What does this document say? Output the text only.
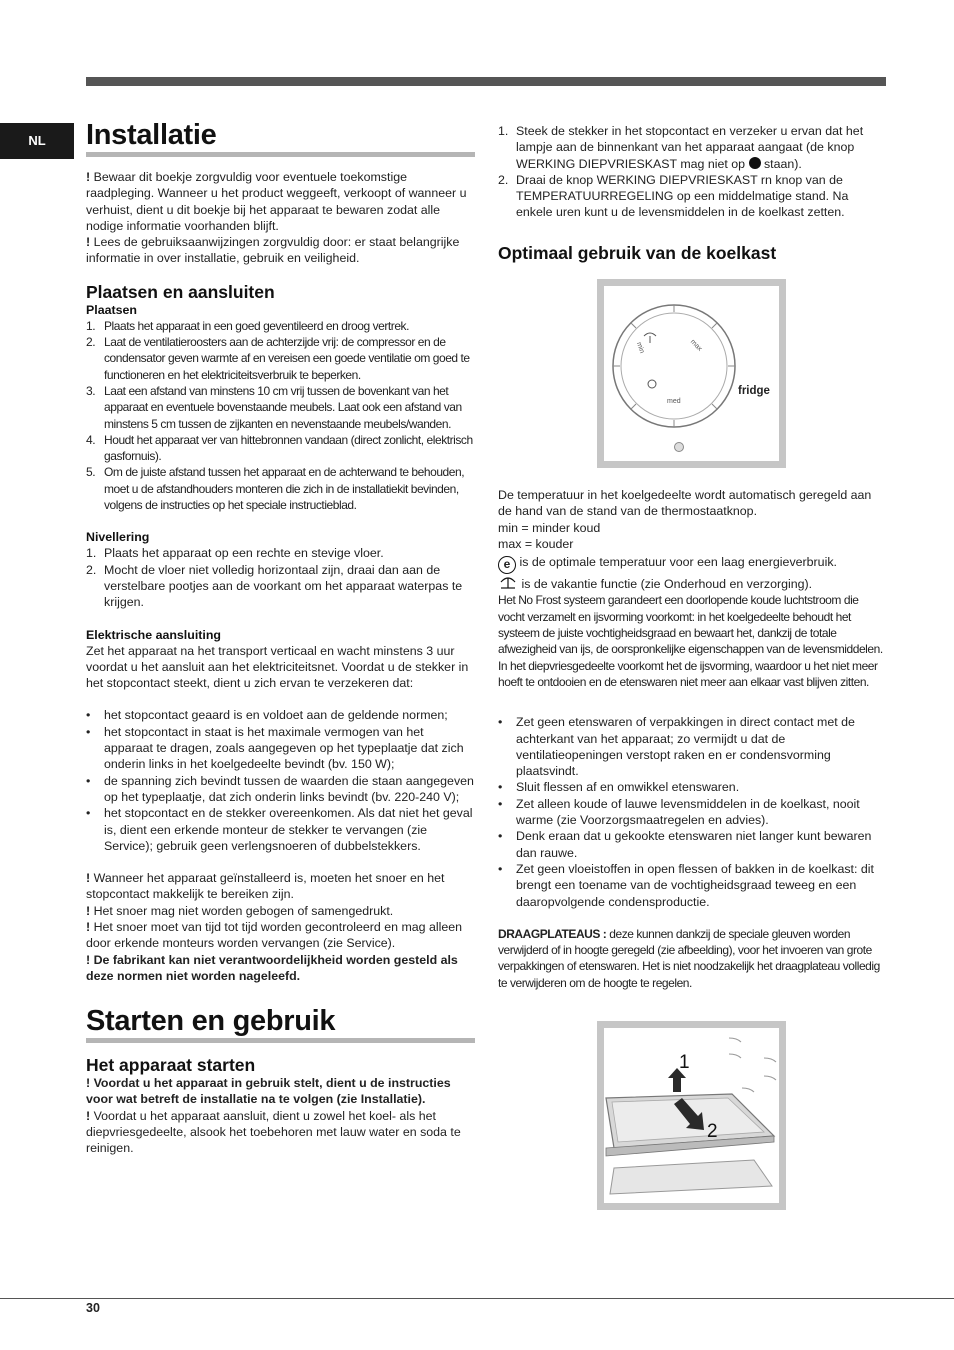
NL Installatie

! Bewaar dit boekje zorgvuldig voor eventuele toekomstige raadpleging. Wanneer u het product weggeeft, verkoopt of wanneer u verhuist, dient u dit boekje bij het apparaat te bewaren zodat alle nodige informatie voorhanden blijft.

! Lees de gebruiksaanwijzingen zorgvuldig door: er staat belangrijke informatie in over installatie, gebruik en veiligheid.

Plaatsen en aansluiten
Plaatsen
1. Plaats het apparaat in een goed geventileerd en droog vertrek.
2. Laat de ventilatieroosters aan de achterzijde vrij: de compressor en de condensator geven warmte af en vereisen een goede ventilatie om goed te functioneren en het elektriciteitsverbruik te beperken.
3. Laat een afstand van minstens 10 cm vrij tussen de bovenkant van het apparaat en eventuele bovenstaande meubels. Laat ook een afstand van minstens 5 cm tussen de zijkanten en nevenstaande meubels/wanden.
4. Houdt het apparaat ver van hittebronnen vandaan (direct zonlicht, elektrisch gasfornuis).
5. Om de juiste afstand tussen het apparaat en de achterwand te behouden, moet u de afstandhouders monteren die zich in de installatiekit bevinden, volgens de instructies op het speciale instructieblad.
Nivellering
1. Plaats het apparaat op een rechte en stevige vloer.
2. Mocht de vloer niet volledig horizontaal zijn, draai dan aan de verstelbare pootjes aan de voorkant om het apparaat waterpas te krijgen.
Elektrische aansluiting

Zet het apparaat na het transport verticaal en wacht minstens 3 uur voordat u het aansluit aan het elektriciteitsnet. Voordat u de stekker in het stopcontact steekt, dient u zich ervan te verzekeren dat:

• het stopcontact geaard is en voldoet aan de geldende normen;
• het stopcontact in staat is het maximale vermogen van het apparaat te dragen, zoals aangegeven op het typeplaatje dat zich onderin links in het koelgedeelte bevindt (bv. 150 W);
• de spanning zich bevindt tussen de waarden die staan aangegeven op het typeplaatje, dat zich onderin links bevindt (bv. 220-240 V);
• het stopcontact en de stekker overeenkomen. Als dat niet het geval is, dient een erkende monteur de stekker te vervangen (zie Service); gebruik geen verlengsnoeren of dubbelstekkers.

! Wanneer het apparaat geïnstalleerd is, moeten het snoer en het stopcontact makkelijk te bereiken zijn.

! Het snoer mag niet worden gebogen of samengedrukt.

! Het snoer moet van tijd tot tijd worden gecontroleerd en mag alleen door erkende monteurs worden vervangen (zie Service).

! De fabrikant kan niet verantwoordelijkheid worden gesteld als deze normen niet worden nageleefd.

Starten en gebruik
Het apparaat starten

! Voordat u het apparaat in gebruik stelt, dient u de instructies voor wat betreft de installatie na te volgen (zie Installatie).

! Voordat u het apparaat aansluit, dient u zowel het koel- als het diepvriesgedeelte, alsook het toebehoren met lauw water en soda te reinigen.

1. Steek de stekker in het stopcontact en verzeker u ervan dat het lampje aan de binnenkant van het apparaat aangaat (de knop WERKING DIEPVRIESKAST mag niet op  staan).
2. Draai de knop WERKING DIEPVRIESKAST rn knop van de TEMPERATUURREGELING op een middelmatige stand. Na enkele uren kunt u de levensmiddelen in de koelkast zetten.
Optimaal gebruik van de koelkast
min	max
med
fridge

De temperatuur in het koelgedeelte wordt automatisch geregeld aan de hand van de stand van de thermostaatknop.

min = minder koud

max = kouder

e is de optimale temperatuur voor een laag energieverbruik.

is de vakantie functie (zie Onderhoud en verzorging).

Het No Frost systeem garandeert een doorlopende koude luchtstroom die vocht verzamelt en ijsvorming voorkomt: in het koelgedeelte behoudt het systeem de juiste vochtigheidsgraad en bewaart het, dankzij de totale afwezigheid van ijs, de oorspronkelijke eigenschappen van de levensmiddelen. In het diepvriesgedeelte voorkomt het de ijsvorming, waardoor u het niet meer hoeft te ontdooien en de etenswaren niet meer aan elkaar vast blijven zitten.

• Zet geen etenswaren of verpakkingen in direct contact met de achterkant van het apparaat; zo vermijdt u dat de ventilatieopeningen verstopt raken en er condensvorming plaatsvindt.
• Sluit flessen af en omwikkel etenswaren.
• Zet alleen koude of lauwe levensmiddelen in de koelkast, nooit warme (zie Voorzorgsmaatregelen en advies).
• Denk eraan dat u gekookte etenswaren niet langer kunt bewaren dan rauwe.
• Zet geen vloeistoffen in open flessen of bakken in de koelkast: dit brengt een toename van de vochtigheidsgraad teweeg en een daaropvolgende condensproductie.

DRAAGPLATEAUS : deze kunnen dankzij de speciale gleuven worden verwijderd of in hoogte geregeld (zie afbeelding), voor het invoeren van grote verpakkingen of etenswaren. Het is niet noodzakelijk het draagplateau volledig te verwijderen om de hoogte te regelen.

1
2
30
